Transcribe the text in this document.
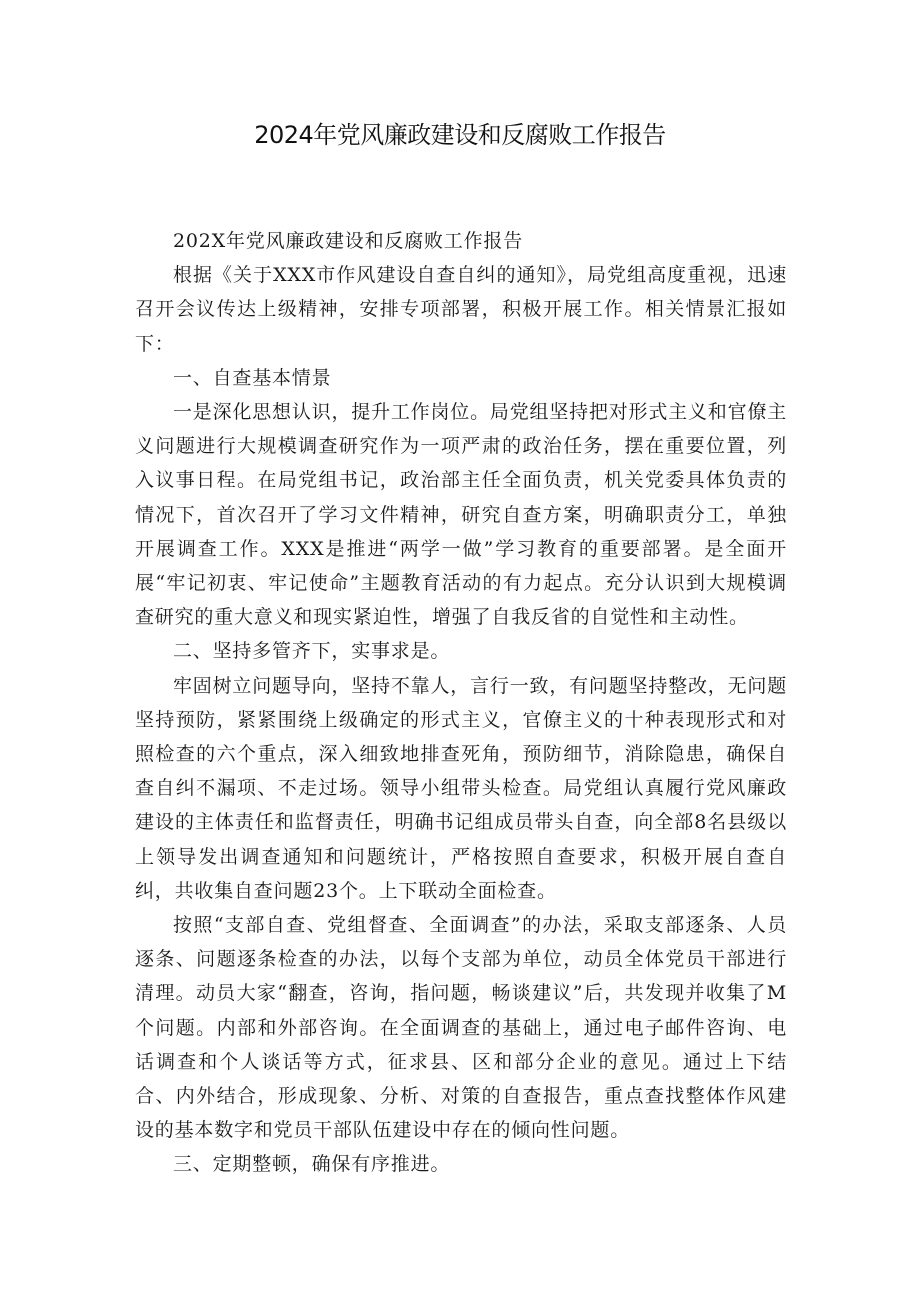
2024年党风廉政建设和反腐败工作报告

202X年党风廉政建设和反腐败工作报告

根据《关于XXX市作风建设自查自纠的通知》，局党组高度重视，迅速召开会议传达上级精神，安排专项部署，积极开展工作。相关情景汇报如下：

一、自查基本情景

一是深化思想认识，提升工作岗位。局党组坚持把对形式主义和官僚主义问题进行大规模调查研究作为一项严肃的政治任务，摆在重要位置，列入议事日程。在局党组书记，政治部主任全面负责，机关党委具体负责的情况下，首次召开了学习文件精神，研究自查方案，明确职责分工，单独开展调查工作。XXX是推进“两学一做”学习教育的重要部署。是全面开展“牢记初衷、牢记使命”主题教育活动的有力起点。充分认识到大规模调查研究的重大意义和现实紧迫性，增强了自我反省的自觉性和主动性。

二、坚持多管齐下，实事求是。

牢固树立问题导向，坚持不靠人，言行一致，有问题坚持整改，无问题坚持预防，紧紧围绕上级确定的形式主义，官僚主义的十种表现形式和对照检查的六个重点，深入细致地排查死角，预防细节，消除隐患，确保自查自纠不漏项、不走过场。领导小组带头检查。局党组认真履行党风廉政建设的主体责任和监督责任，明确书记组成员带头自查，向全部8名县级以上领导发出调查通知和问题统计，严格按照自查要求，积极开展自查自纠，共收集自查问题23个。上下联动全面检查。

按照“支部自查、党组督查、全面调查”的办法，采取支部逐条、人员逐条、问题逐条检查的办法，以每个支部为单位，动员全体党员干部进行清理。动员大家“翻查，咨询，指问题，畅谈建议”后，共发现并收集了M个问题。内部和外部咨询。在全面调查的基础上，通过电子邮件咨询、电话调查和个人谈话等方式，征求县、区和部分企业的意见。通过上下结合、内外结合，形成现象、分析、对策的自查报告，重点查找整体作风建设的基本数字和党员干部队伍建设中存在的倾向性问题。

三、定期整顿，确保有序推进。
